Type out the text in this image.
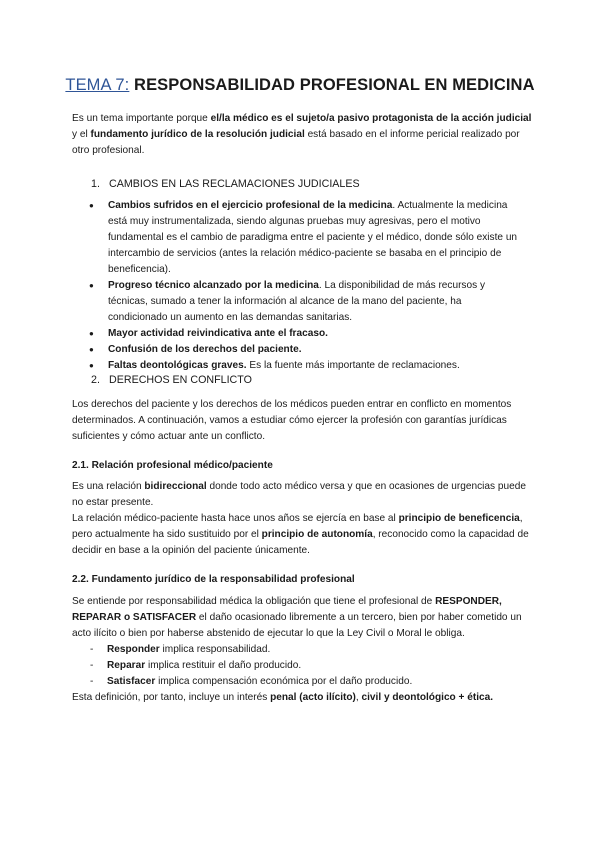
TEMA 7: RESPONSABILIDAD PROFESIONAL EN MEDICINA
Es un tema importante porque el/la médico es el sujeto/a pasivo protagonista de la acción judicial y el fundamento jurídico de la resolución judicial está basado en el informe pericial realizado por otro profesional.
1. CAMBIOS EN LAS RECLAMACIONES JUDICIALES
● Cambios sufridos en el ejercicio profesional de la medicina. Actualmente la medicina está muy instrumentalizada, siendo algunas pruebas muy agresivas, pero el motivo fundamental es el cambio de paradigma entre el paciente y el médico, donde sólo existe un intercambio de servicios (antes la relación médico-paciente se basaba en el principio de beneficencia).
● Progreso técnico alcanzado por la medicina. La disponibilidad de más recursos y técnicas, sumado a tener la información al alcance de la mano del paciente, ha condicionado un aumento en las demandas sanitarias.
● Mayor actividad reivindicativa ante el fracaso.
● Confusión de los derechos del paciente.
● Faltas deontológicas graves. Es la fuente más importante de reclamaciones.
2. DERECHOS EN CONFLICTO
Los derechos del paciente y los derechos de los médicos pueden entrar en conflicto en momentos determinados. A continuación, vamos a estudiar cómo ejercer la profesión con garantías jurídicas suficientes y cómo actuar ante un conflicto.
2.1. Relación profesional médico/paciente
Es una relación bidireccional donde todo acto médico versa y que en ocasiones de urgencias puede no estar presente.
La relación médico-paciente hasta hace unos años se ejercía en base al principio de beneficencia, pero actualmente ha sido sustituido por el principio de autonomía, reconocido como la capacidad de decidir en base a la opinión del paciente únicamente.
2.2. Fundamento jurídico de la responsabilidad profesional
Se entiende por responsabilidad médica la obligación que tiene el profesional de RESPONDER, REPARAR o SATISFACER el daño ocasionado libremente a un tercero, bien por haber cometido un acto ilícito o bien por haberse abstenido de ejecutar lo que la Ley Civil o Moral le obliga.
- Responder implica responsabilidad.
- Reparar implica restituir el daño producido.
- Satisfacer implica compensación económica por el daño producido.
Esta definición, por tanto, incluye un interés penal (acto ilícito), civil y deontológico + ética.
